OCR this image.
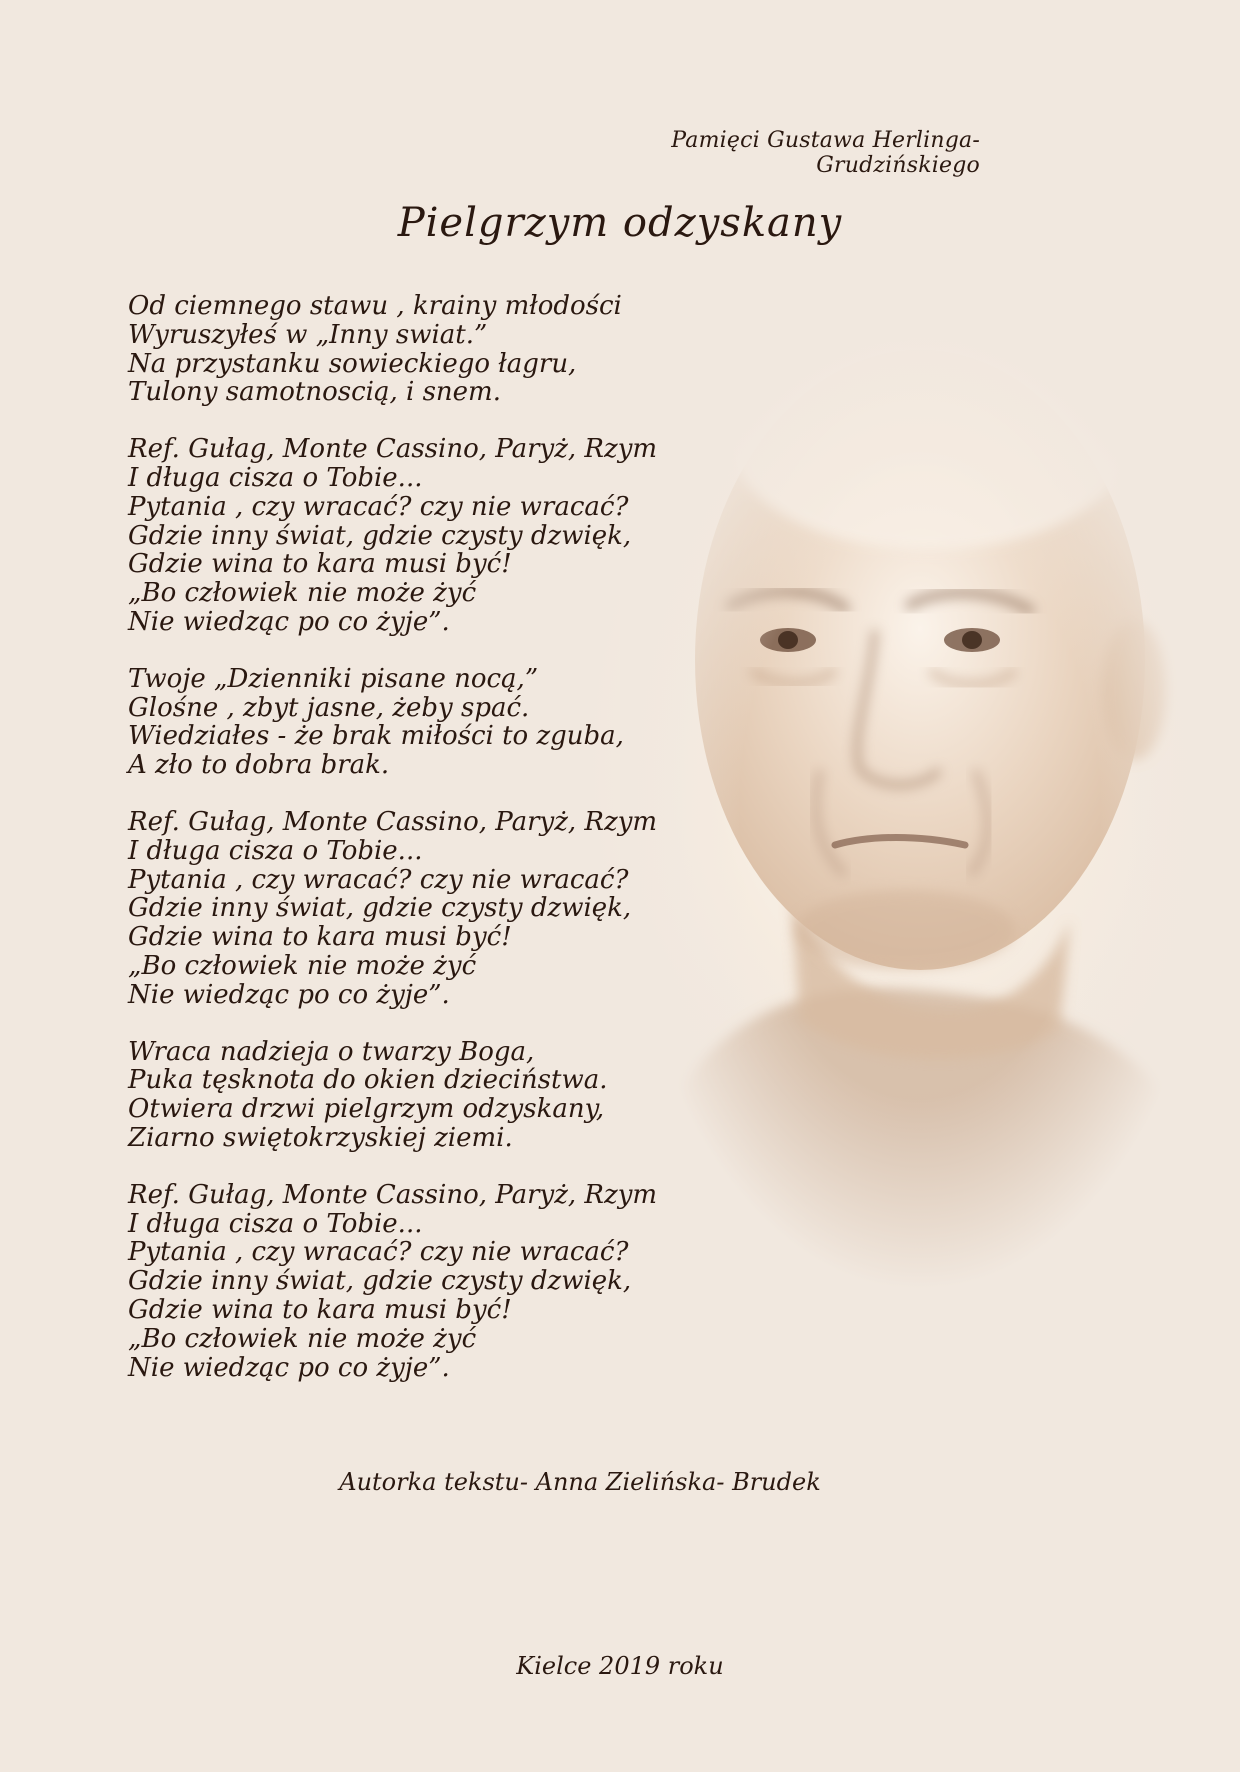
Pamięci Gustawa Herlinga-Grudzińskiego
Pielgrzym odzyskany
Od ciemnego stawu , krainy młodości
Wyruszyłeś w „Inny swiat.”
Na przystanku sowieckiego łagru,
Tulony samotnoscią, i snem.
Ref. Gułag, Monte Cassino, Paryż, Rzym
I długa cisza o Tobie...
Pytania , czy wracać? czy nie wracać?
Gdzie inny świat, gdzie czysty dzwięk,
Gdzie wina to kara musi być!
„Bo człowiek nie może żyć
Nie wiedząc po co żyje”.
Twoje „Dzienniki pisane nocą,”
Glośne , zbyt jasne, żeby spać.
Wiedziałes - że brak miłości to zguba,
A zło to dobra brak.
Ref. Gułag, Monte Cassino, Paryż, Rzym
I długa cisza o Tobie...
Pytania , czy wracać? czy nie wracać?
Gdzie inny świat, gdzie czysty dzwięk,
Gdzie wina to kara musi być!
„Bo człowiek nie może żyć
Nie wiedząc po co żyje”.
Wraca nadzieja o twarzy Boga,
Puka tęsknota do okien dzieciństwa.
Otwiera drzwi pielgrzym odzyskany,
Ziarno swiętokrzyskiej ziemi.
Ref. Gułag, Monte Cassino, Paryż, Rzym
I długa cisza o Tobie...
Pytania , czy wracać? czy nie wracać?
Gdzie inny świat, gdzie czysty dzwięk,
Gdzie wina to kara musi być!
„Bo człowiek nie może żyć
Nie wiedząc po co żyje”.
Autorka tekstu- Anna Zielińska- Brudek
Kielce 2019 roku
